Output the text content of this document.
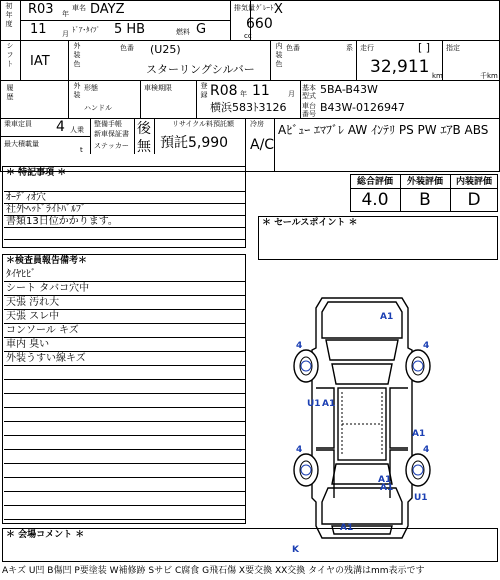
初年度 R03 年
車名 DAYZ
11 月 ﾄﾞｱ･ﾀｲﾌﾟ 5 HB	燃料 G
排気量
660
cc
ｸﾞﾚｰﾄﾞ
X
シフト IAT	外装色	色番 (U25)
スターリングシルバー
内装色 色番	系 走行	[ ]
32,911 km
指定
千km
履歴	外装 形態
ハンドル
車検期限	登録 R08 年 11	月
横浜583ﾄ3126
基本型式 5BA-B43W
車台番号 B43W-0126947
乗車定員 4 人乗
最大積載量
t
整備手帳
新車保証書
ステッカー
後
無
リサイクル料預託額
預託5,990
冷房
A/C
Aﾋﾞｭｰ ｴﾏﾌﾞﾚ AW ｲﾝﾃﾘ PS PW ｴｱB ABS
総合評価	外装評価	内装評価
4.0	B	D
＊ 特記事項 ＊
ｵｰﾃﾞｨｵ穴
社外ﾍｯﾄﾞﾗｲﾄﾊﾞﾙﾌﾞ
書類13日位かかります。	＊ セールスポイント ＊
＊検査員報告備考＊
ﾀｲﾔﾋﾋﾞ
シート タバコ穴中
天張 汚れ大
天張 スレ中
コンソール キズ
車内 臭い
外装うすい線キズ
＊ 会場コメント ＊
Aキズ U凹 B傷凹 P要塗装 W補修跡 Sサビ C腐食 G飛石傷 X要交換 XX交換 タイヤの残溝はmm表示です
A1
4	4
4	4
U1 A1
A1
A1
A1
U1
A1
K
